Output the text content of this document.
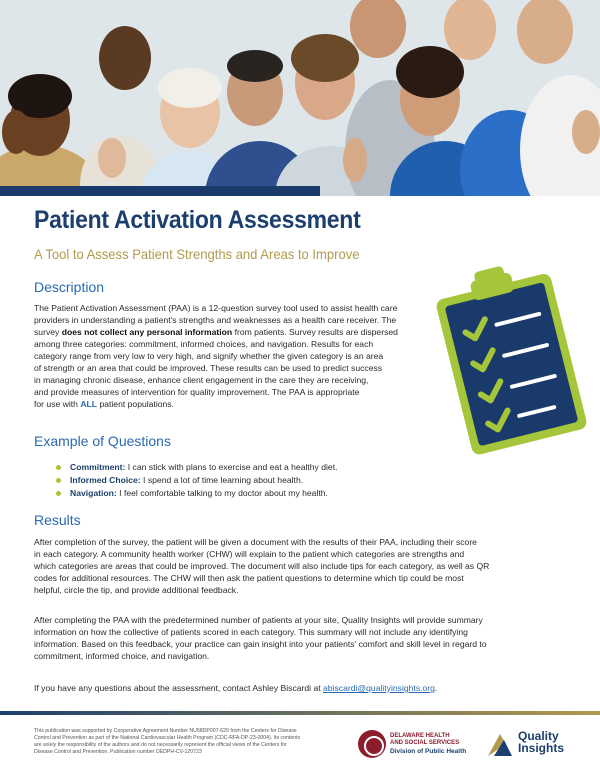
Patient Activation Assessment
A Tool to Assess Patient Strengths and Areas to Improve
Description
The Patient Activation Assessment (PAA) is a 12-question survey tool used to assist health care
providers in understanding a patient's strengths and weaknesses as a health care receiver. The
survey does not collect any personal information from patients. Survey results are dispersed
among three categories: commitment, informed choices, and navigation. Results for each
category range from very low to very high, and signify whether the given category is an area
of strength or an area that could be improved. These results can be used to predict success
in managing chronic disease, enhance client engagement in the care they are receiving,
and provide measures of intervention for quality improvement. The PAA is appropriate
for use with ALL patient populations.
Example of Questions
Commitment: I can stick with plans to exercise and eat a healthy diet.
Informed Choice: I spend a lot of time learning about health.
Navigation: I feel comfortable talking to my doctor about my health.
Results
After completion of the survey, the patient will be given a document with the results of their PAA, including their score
in each category. A community health worker (CHW) will explain to the patient which categories are strengths and
which categories are areas that could be improved. The document will also include tips for each category, as well as QR
codes for additional resources. The CHW will then ask the patient questions to determine which tip could be most
helpful, circle the tip, and provide additional feedback.
After completing the PAA with the predetermined number of patients at your site, Quality Insights will provide summary
information on how the collective of patients scored in each category. This summary will not include any identifying
information. Based on this feedback, your practice can gain insight into your patients' comfort and skill level in regard to
commitment, informed choice, and navigation.
If you have any questions about the assessment, contact Ashley Biscardi at abiscardi@qualityinsights.org.
This publication was supported by Cooperative Agreement Number NU58DP007-629 from the Centers for Disease
Control and Prevention as part of the National Cardiovascular Health Program (CDC-RFA-DP-23-0004). Its contents
are solely the responsibility of the authors and do not necessarily represent the official views of the Centers for
Disease Control and Prevention. Publication number DEDPH-CV-120723
DELAWARE HEALTH
AND SOCIAL SERVICES
Division of Public Health
Quality
Insights
